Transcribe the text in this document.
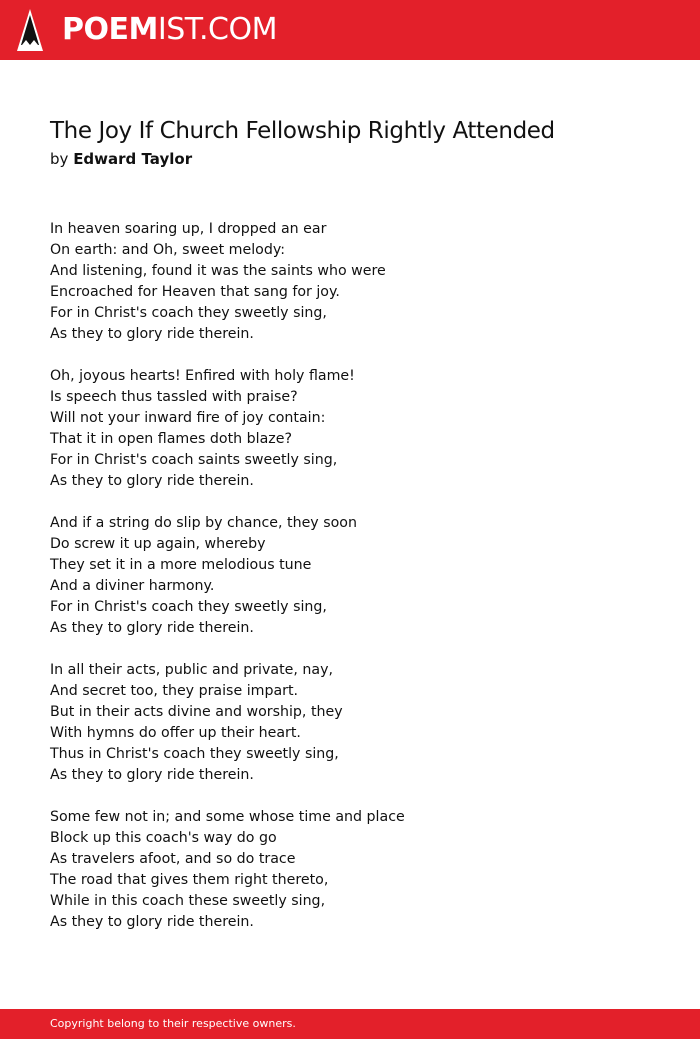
POEMIST.COM
The Joy If Church Fellowship Rightly Attended
by Edward Taylor
In heaven soaring up, I dropped an ear
On earth: and Oh, sweet melody:
And listening, found it was the saints who were
Encroached for Heaven that sang for joy.
For in Christ's coach they sweetly sing,
As they to glory ride therein.
Oh, joyous hearts! Enfired with holy flame!
Is speech thus tassled with praise?
Will not your inward fire of joy contain:
That it in open flames doth blaze?
For in Christ's coach saints sweetly sing,
As they to glory ride therein.
And if a string do slip by chance, they soon
Do screw it up again, whereby
They set it in a more melodious tune
And a diviner harmony.
For in Christ's coach they sweetly sing,
As they to glory ride therein.
In all their acts, public and private, nay,
And secret too, they praise impart.
But in their acts divine and worship, they
With hymns do offer up their heart.
Thus in Christ's coach they sweetly sing,
As they to glory ride therein.
Some few not in; and some whose time and place
Block up this coach's way do go
As travelers afoot, and so do trace
The road that gives them right thereto,
While in this coach these sweetly sing,
As they to glory ride therein.
Copyright belong to their respective owners.
